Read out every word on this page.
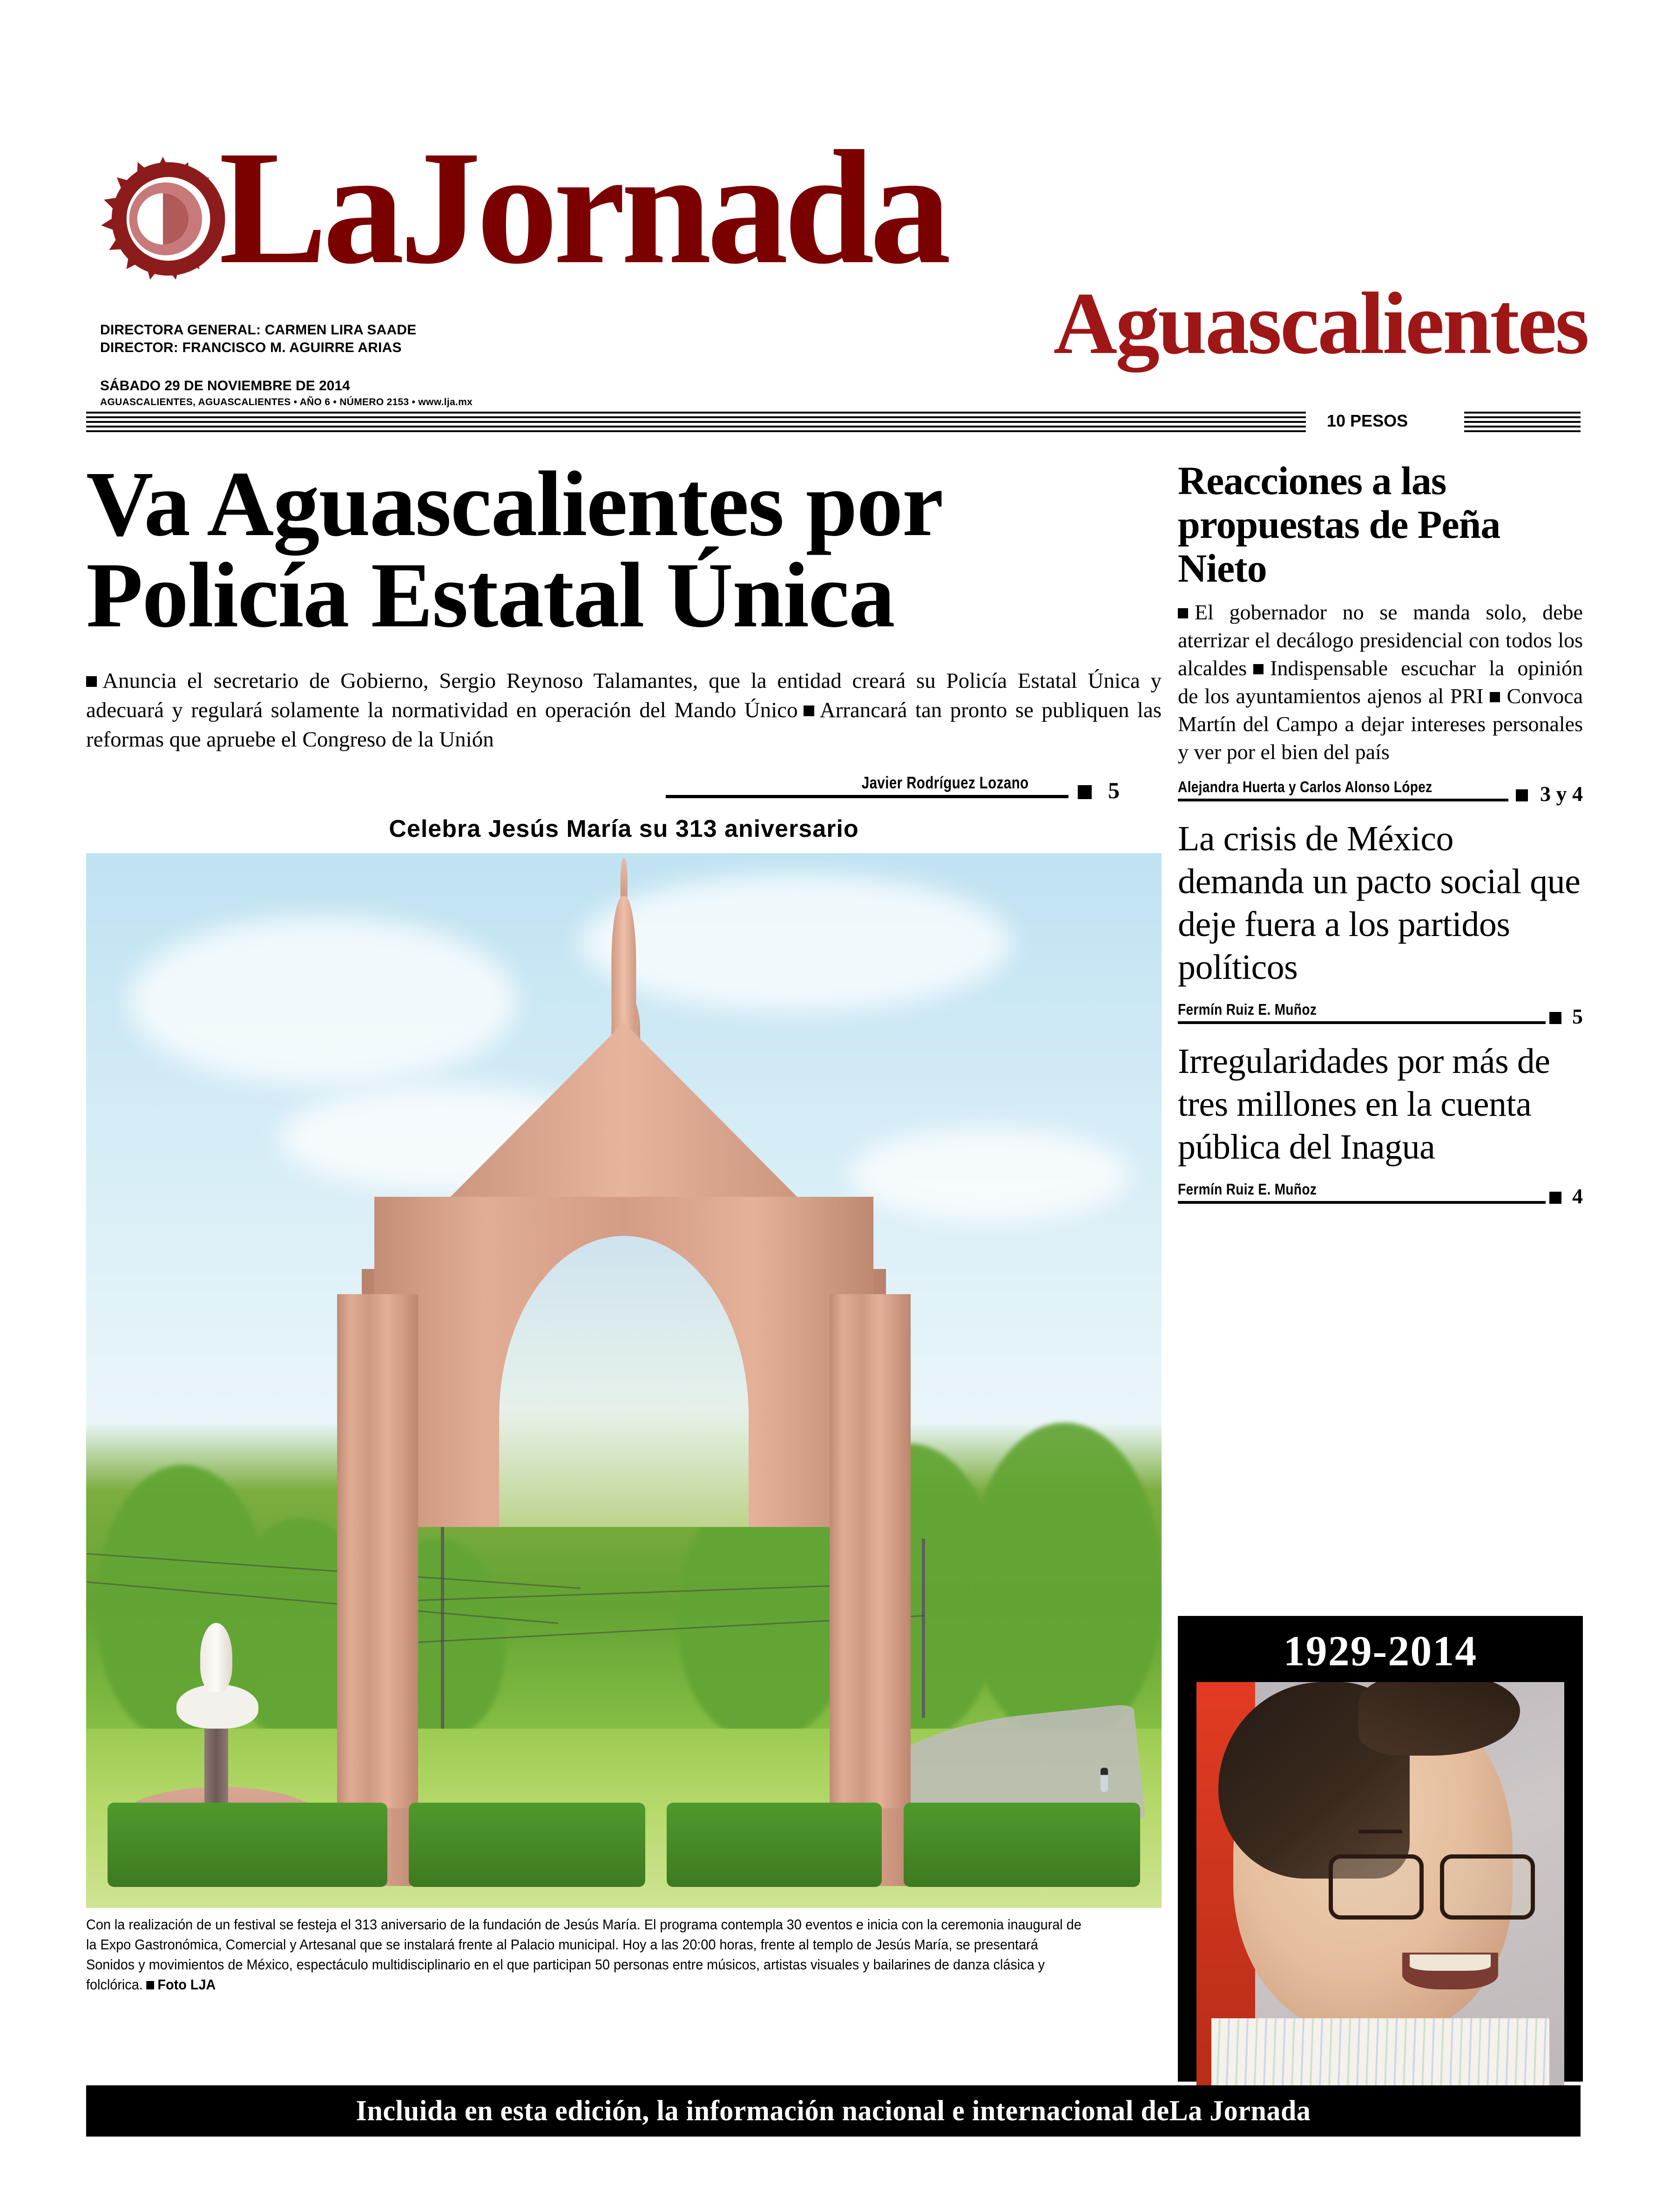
LaJornada
Aguascalientes
DIRECTORA GENERAL: CARMEN LIRA SAADE
DIRECTOR: FRANCISCO M. AGUIRRE ARIAS
SÁBADO 29 DE NOVIEMBRE DE 2014
AGUASCALIENTES, AGUASCALIENTES • AÑO 6 • NÚMERO 2153 • www.lja.mx
10 PESOS
Va Aguascalientes por Policía Estatal Única
Anuncia el secretario de Gobierno, Sergio Reynoso Talamantes, que la entidad creará su Policía Estatal Única y adecuará y regulará solamente la normatividad en operación del Mando Único Arrancará tan pronto se publiquen las reformas que apruebe el Congreso de la Unión
Javier Rodríguez Lozano	5
Celebra Jesús María su 313 aniversario
Con la realización de un festival se festeja el 313 aniversario de la fundación de Jesús María. El programa contempla 30 eventos e inicia con la ceremonia inaugural de la Expo Gastronómica, Comercial y Artesanal que se instalará frente al Palacio municipal. Hoy a las 20:00 horas, frente al templo de Jesús María, se presentará Sonidos y movimientos de México, espectáculo multidisciplinario en el que participan 50 personas entre músicos, artistas visuales y bailarines de danza clásica y folclórica. Foto LJA
Reacciones a las propuestas de Peña Nieto
El gobernador no se manda solo, debe aterrizar el decálogo presidencial con todos los alcaldes Indispensable escuchar la opinión de los ayuntamientos ajenos al PRI Convoca Martín del Campo a dejar intereses personales y ver por el bien del país
Alejandra Huerta y Carlos Alonso López	3 y 4
La crisis de México demanda un pacto social que deje fuera a los partidos políticos
Fermín Ruiz E. Muñoz	5
Irregularidades por más de tres millones en la cuenta pública del Inagua
Fermín Ruiz E. Muñoz	4
1929-2014
Incluida en esta edición, la información nacional e internacional de La Jornada
